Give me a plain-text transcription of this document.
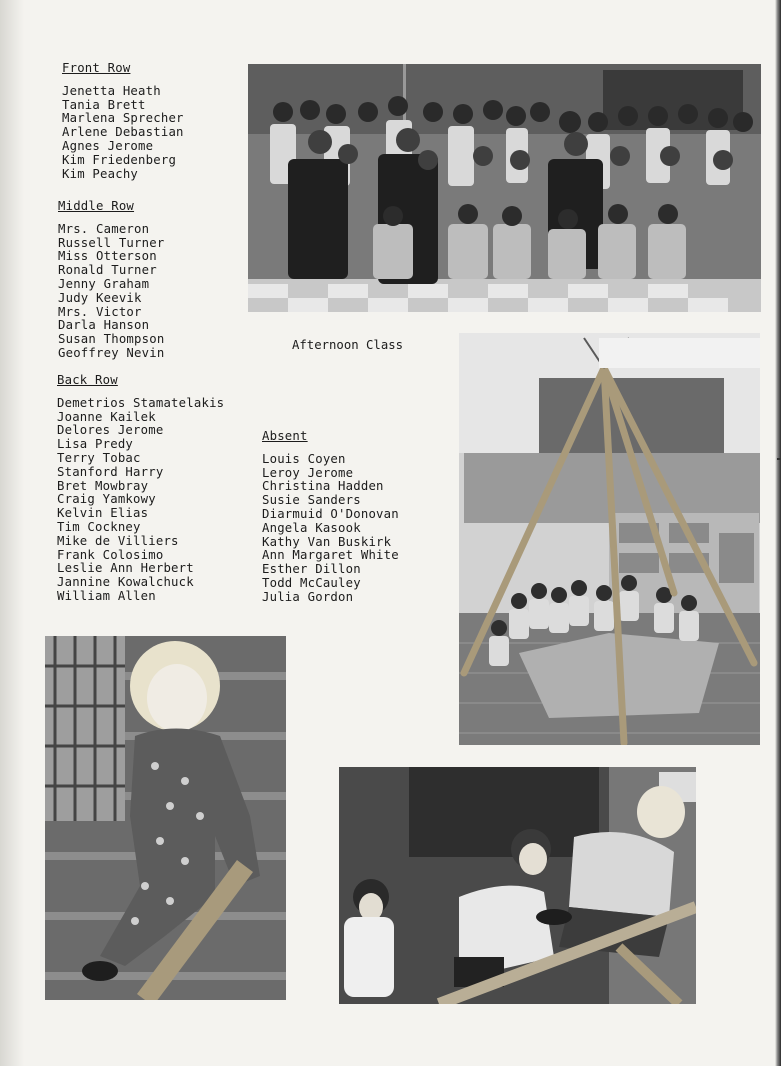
Front Row
Jenetta Heath
Tania Brett
Marlena Sprecher
Arlene Debastian
Agnes Jerome
Kim Friedenberg
Kim Peachy
Middle Row
Mrs. Cameron
Russell Turner
Miss Otterson
Ronald Turner
Jenny Graham
Judy Keevik
Mrs. Victor
Darla Hanson
Susan Thompson
Geoffrey Nevin
Back Row
Demetrios Stamatelakis
Joanne Kailek
Delores Jerome
Lisa Predy
Terry Tobac
Stanford Harry
Bret Mowbray
Craig Yamkowy
Kelvin Elias
Tim Cockney
Mike de Villiers
Frank Colosimo
Leslie Ann Herbert
Jannine Kowalchuck
William Allen
Absent
Louis Coyen
Leroy Jerome
Christina Hadden
Susie Sanders
Diarmuid O'Donovan
Angela Kasook
Kathy Van Buskirk
Ann Margaret White
Esther Dillon
Todd McCauley
Julia Gordon
Afternoon Class
